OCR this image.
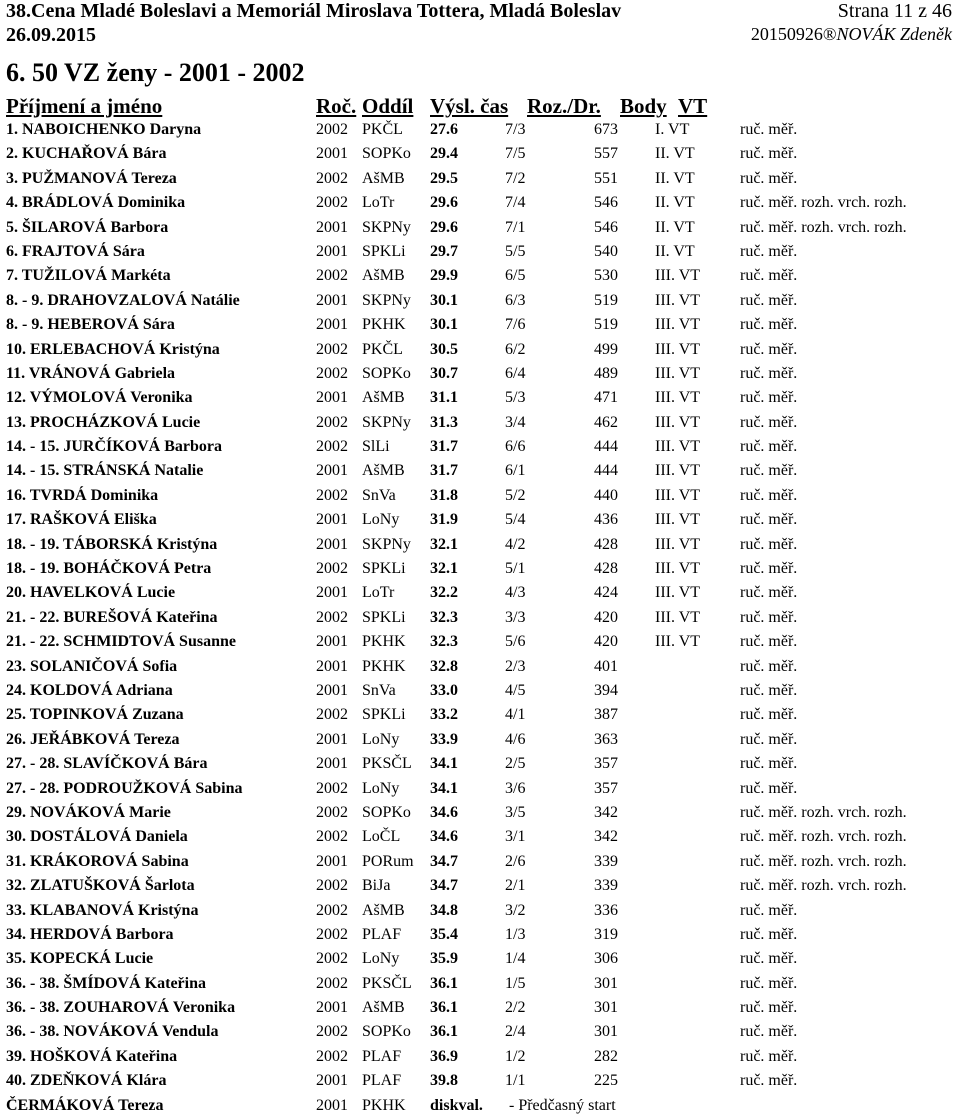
38.Cena Mladé Boleslavi a Memoriál Miroslava Tottera, Mladá Boleslav
26.09.2015
Strana 11 z 46
20150926®NOVÁK Zdeněk
6. 50 VZ ženy - 2001 - 2002
Příjmení a jméno	Roč. Oddíl Výsl. čas Roz./Dr. Body VT
1. NABOICHENKO Daryna	2002 PKČL 27.6	7/3	673 I. VT	ruč. měř.
2. KUCHAŘOVÁ Bára	2001 SOPKo 29.4	7/5	557 II. VT	ruč. měř.
3. PUŽMANOVÁ Tereza	2002 AšMB 29.5	7/2	551 II. VT	ruč. měř.
4. BRÁDLOVÁ Dominika	2002 LoTr 29.6	7/4	546 II. VT	ruč. měř. rozh. vrch. rozh.
5. ŠILAROVÁ Barbora	2001 SKPNy 29.6	7/1	546 II. VT	ruč. měř. rozh. vrch. rozh.
6. FRAJTOVÁ Sára	2001 SPKLi 29.7	5/5	540 II. VT	ruč. měř.
7. TUŽILOVÁ Markéta	2002 AšMB 29.9	6/5	530 III. VT ruč. měř.
8. - 9. DRAHOVZALOVÁ Natálie	2001 SKPNy 30.1	6/3	519 III. VT ruč. měř.
8. - 9. HEBEROVÁ Sára	2001 PKHK 30.1	7/6	519 III. VT ruč. měř.
10. ERLEBACHOVÁ Kristýna	2002 PKČL 30.5	6/2	499 III. VT ruč. měř.
11. VRÁNOVÁ Gabriela	2002 SOPKo 30.7	6/4	489 III. VT ruč. měř.
12. VÝMOLOVÁ Veronika	2001 AšMB 31.1	5/3	471 III. VT ruč. měř.
13. PROCHÁZKOVÁ Lucie	2002 SKPNy 31.3	3/4	462 III. VT ruč. měř.
14. - 15. JURČÍKOVÁ Barbora	2002 SlLi	31.7	6/6	444 III. VT ruč. měř.
14. - 15. STRÁNSKÁ Natalie	2001 AšMB 31.7	6/1	444 III. VT ruč. měř.
16. TVRDÁ Dominika	2002 SnVa 31.8	5/2	440 III. VT ruč. měř.
17. RAŠKOVÁ Eliška	2001 LoNy 31.9	5/4	436 III. VT ruč. měř.
18. - 19. TÁBORSKÁ Kristýna	2001 SKPNy 32.1	4/2	428 III. VT ruč. měř.
18. - 19. BOHÁČKOVÁ Petra	2002 SPKLi 32.1	5/1	428 III. VT ruč. měř.
20. HAVELKOVÁ Lucie	2001 LoTr 32.2	4/3	424 III. VT ruč. měř.
21. - 22. BUREŠOVÁ Kateřina	2002 SPKLi 32.3	3/3	420 III. VT ruč. měř.
21. - 22. SCHMIDTOVÁ Susanne	2001 PKHK 32.3	5/6	420 III. VT ruč. měř.
23. SOLANIČOVÁ Sofia	2001 PKHK 32.8	2/3	401	ruč. měř.
24. KOLDOVÁ Adriana	2001 SnVa 33.0	4/5	394	ruč. měř.
25. TOPINKOVÁ Zuzana	2002 SPKLi 33.2	4/1	387	ruč. měř.
26. JEŘÁBKOVÁ Tereza	2001 LoNy 33.9	4/6	363	ruč. měř.
27. - 28. SLAVÍČKOVÁ Bára	2001 PKSČL 34.1	2/5	357	ruč. měř.
27. - 28. PODROUŽKOVÁ Sabina	2002 LoNy 34.1	3/6	357	ruč. měř.
29. NOVÁKOVÁ Marie	2002 SOPKo 34.6	3/5	342	ruč. měř. rozh. vrch. rozh.
30. DOSTÁLOVÁ Daniela	2002 LoČL 34.6	3/1	342	ruč. měř. rozh. vrch. rozh.
31. KRÁKOROVÁ Sabina	2001 PORum 34.7	2/6	339	ruč. měř. rozh. vrch. rozh.
32. ZLATUŠKOVÁ Šarlota	2002 BiJa 34.7	2/1	339	ruč. měř. rozh. vrch. rozh.
33. KLABANOVÁ Kristýna	2002 AšMB 34.8	3/2	336	ruč. měř.
34. HERDOVÁ Barbora	2002 PLAF 35.4	1/3	319	ruč. měř.
35. KOPECKÁ Lucie	2002 LoNy 35.9	1/4	306	ruč. měř.
36. - 38. ŠMÍDOVÁ Kateřina	2002 PKSČL 36.1	1/5	301	ruč. měř.
36. - 38. ZOUHAROVÁ Veronika	2001 AšMB 36.1	2/2	301	ruč. měř.
36. - 38. NOVÁKOVÁ Vendula	2002 SOPKo 36.1	2/4	301	ruč. měř.
39. HOŠKOVÁ Kateřina	2002 PLAF 36.9	1/2	282	ruč. měř.
40. ZDEŇKOVÁ Klára	2001 PLAF 39.8	1/1	225	ruč. měř.
ČERMÁKOVÁ Tereza	2001 PKHK diskval. - Předčasný start
